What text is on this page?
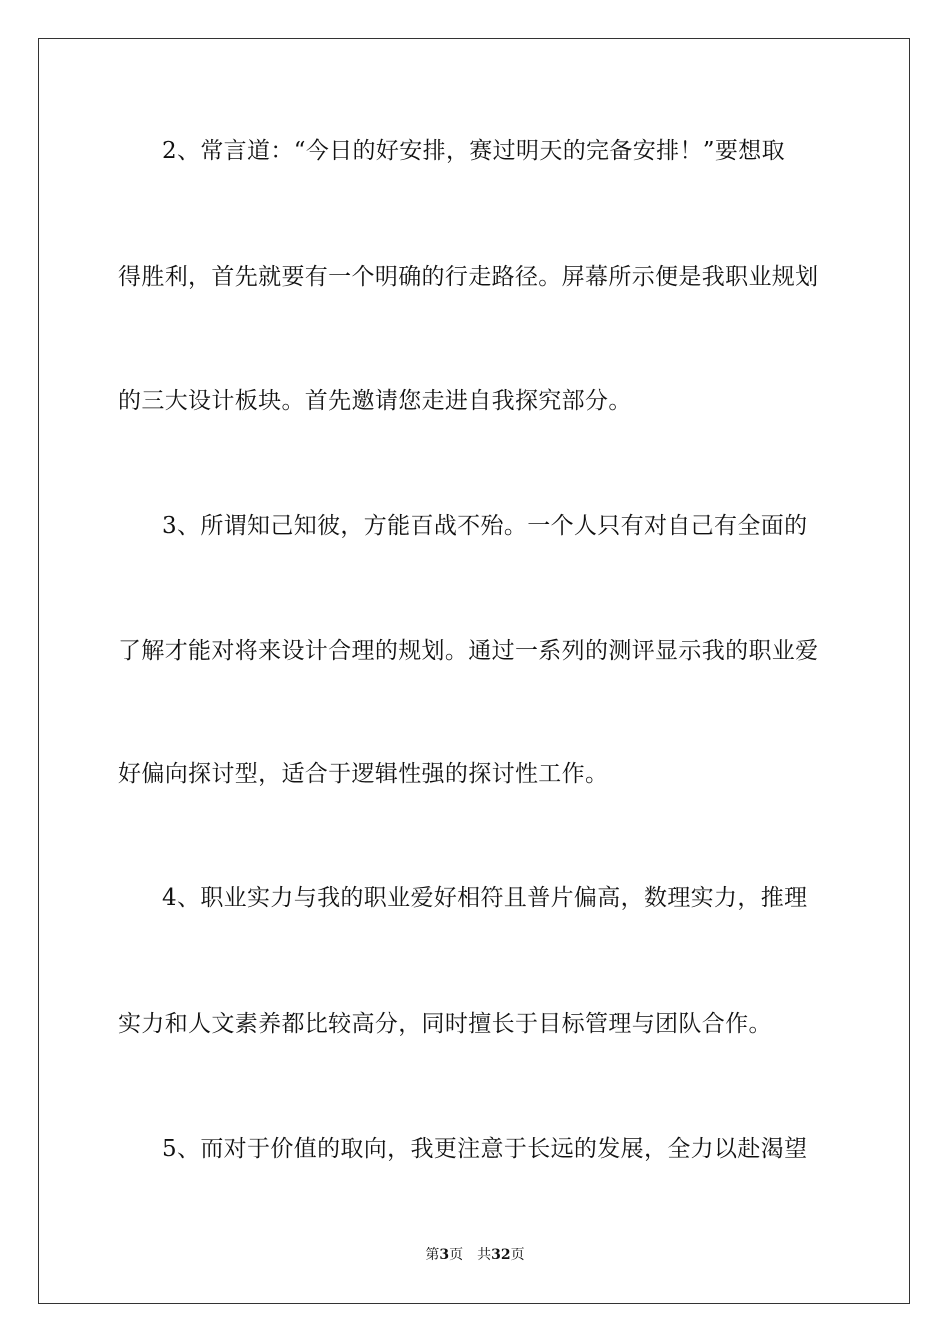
2、常言道：“今日的好安排，赛过明天的完备安排！”要想取
得胜利，首先就要有一个明确的行走路径。屏幕所示便是我职业规划
的三大设计板块。首先邀请您走进自我探究部分。
3、所谓知己知彼，方能百战不殆。一个人只有对自己有全面的
了解才能对将来设计合理的规划。通过一系列的测评显示我的职业爱
好偏向探讨型，适合于逻辑性强的探讨性工作。
4、职业实力与我的职业爱好相符且普片偏高，数理实力，推理
实力和人文素养都比较高分，同时擅长于目标管理与团队合作。
5、而对于价值的取向，我更注意于长远的发展，全力以赴渴望
第3页 共32页
